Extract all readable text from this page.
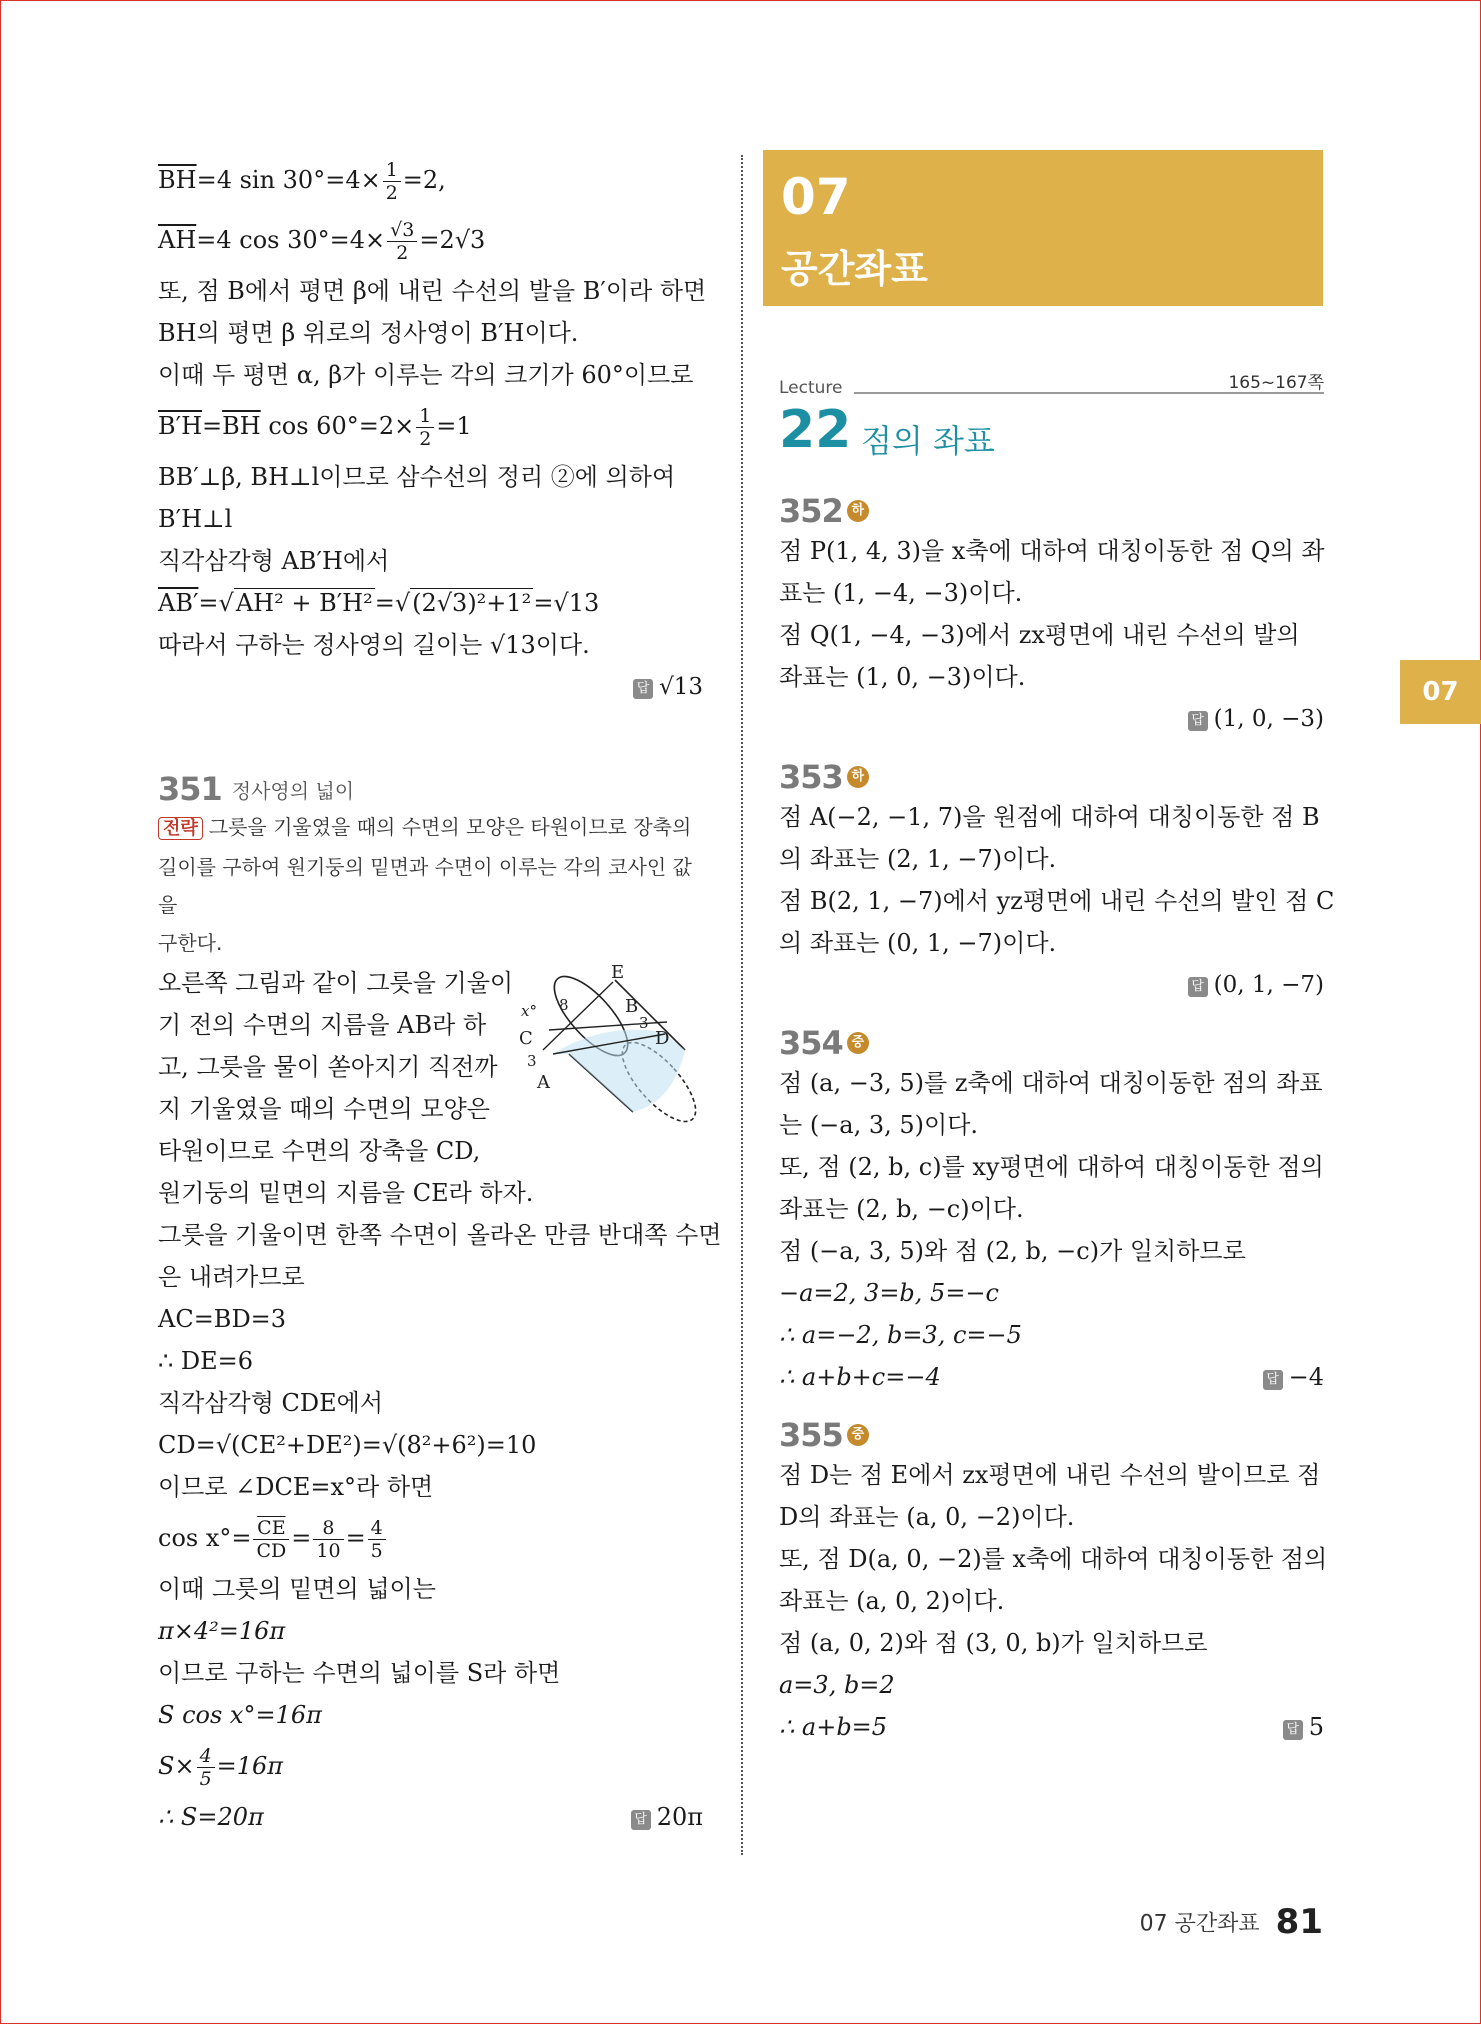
$\overline{BH}=4$ $\sin 30^\circ=4\times \frac{1}{2} =2$,
$\overline{AH}=4$ $\cos 30^\circ=4\times \frac{√3}{2} =2√3$
또, 점 B에서 평면 β에 내린 수선의 발을 B′이라 하면
BH의 평면 β 위로의 정사영이 B′H이다.
이때 두 평면 α, β가 이루는 각의 크기가 60°이므로
$B'H=\overline{BH}$ $\cos 60^\circ=2\times \frac{1}{2} =1$
BB′⊥β, BH⊥l이므로 삼수선의 정리 ②에 의하여
B′H⊥l
직각삼각형 AB′H에서
AB′=√AH² + B′H²=√(2√3)²+1²=√13
따라서 구하는 정사영의 길이는 √13이다.
답 √13
351 정사영의 넓이
전략 그릇을 기울였을 때의 수면의 모양은 타원이므로 장축의
길이를 구하여 원기둥의 밑면과 수면이 이루는 각의 코사인 값을
구한다.
E
B
D
C
A
x° 8
3
3
오른쪽 그림과 같이 그릇을 기울이
기 전의 수면의 지름을 AB라 하
고, 그릇을 물이 쏟아지기 직전까
지 기울였을 때의 수면의 모양은
타원이므로 수면의 장축을 CD,
원기둥의 밑면의 지름을 CE라 하자.
그릇을 기울이면 한쪽 수면이 올라온 만큼 반대쪽 수면
은 내려가므로
AC=BD=3
∴ DE=6
직각삼각형 CDE에서
CD=√(CE²+DE²)=√(8²+6²)=10
이므로 ∠DCE=x°라 하면
$\cos x^\circ= \frac{\overline{CE}}{CD} = \frac{8}{10} = \frac{4}{5}$
이때 그릇의 밑면의 넓이는
π×4²=16π
이므로 구하는 수면의 넓이를 S라 하면
S cos x°=16π
$S\times \frac{4}{5} =16\pi$
∴ S=20π	답 20π
07
공간좌표
Lecture	165~167쪽
22 점의 좌표
352 하
점 P(1, 4, 3)을 x축에 대하여 대칭이동한 점 Q의 좌
표는 (1, −4, −3)이다.
점 Q(1, −4, −3)에서 zx평면에 내린 수선의 발의
좌표는 (1, 0, −3)이다.
답 (1, 0, −3)
353 하
점 A(−2, −1, 7)을 원점에 대하여 대칭이동한 점 B
의 좌표는 (2, 1, −7)이다.
점 B(2, 1, −7)에서 yz평면에 내린 수선의 발인 점 C
의 좌표는 (0, 1, −7)이다.
답 (0, 1, −7)
354 중
점 (a, −3, 5)를 z축에 대하여 대칭이동한 점의 좌표
는 (−a, 3, 5)이다.
또, 점 (2, b, c)를 xy평면에 대하여 대칭이동한 점의
좌표는 (2, b, −c)이다.
점 (−a, 3, 5)와 점 (2, b, −c)가 일치하므로
−a=2, 3=b, 5=−c
∴ a=−2, b=3, c=−5
∴ a+b+c=−4	답 −4
355 중
점 D는 점 E에서 zx평면에 내린 수선의 발이므로 점
D의 좌표는 (a, 0, −2)이다.
또, 점 D(a, 0, −2)를 x축에 대하여 대칭이동한 점의
좌표는 (a, 0, 2)이다.
점 (a, 0, 2)와 점 (3, 0, b)가 일치하므로
a=3, b=2
∴ a+b=5	답 5
07
07 공간좌표 81
